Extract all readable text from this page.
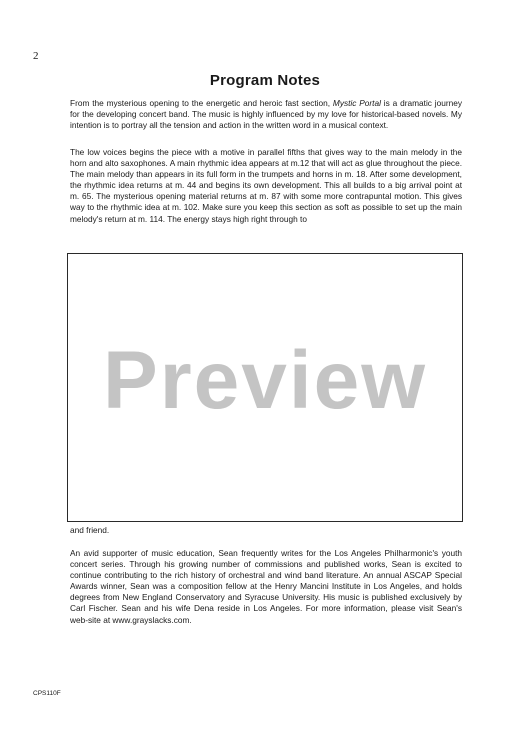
2
Program Notes

From the mysterious opening to the energetic and heroic fast section, Mystic Portal is a dramatic journey for the developing concert band. The music is highly influenced by my love for historical-based novels. My intention is to portray all the tension and action in the written word in a musical context.

The low voices begins the piece with a motive in parallel fifths that gives way to the main melody in the horn and alto saxophones. A main rhythmic idea appears at m.12 that will act as glue throughout the piece. The main melody than appears in its full form in the trumpets and horns in m. 18. After some development, the rhythmic idea returns at m. 44 and begins its own development. This all builds to a big arrival point at m. 65. The mysterious opening material returns at m. 87 with some more contrapuntal motion. This gives way to the rhythmic idea at m. 102. Make sure you keep this section as soft as possible to set up the main melody's return at m. 114. The energy stays high right through to

Preview

and friend.

An avid supporter of music education, Sean frequently writes for the Los Angeles Philharmonic's youth concert series. Through his growing number of commissions and published works, Sean is excited to continue contributing to the rich history of orchestral and wind band literature. An annual ASCAP Special Awards winner, Sean was a composition fellow at the Henry Mancini Institute in Los Angeles, and holds degrees from New England Conservatory and Syracuse University. His music is published exclusively by Carl Fischer. Sean and his wife Dena reside in Los Angeles. For more information, please visit Sean's web-site at www.grayslacks.com.

CPS110F
